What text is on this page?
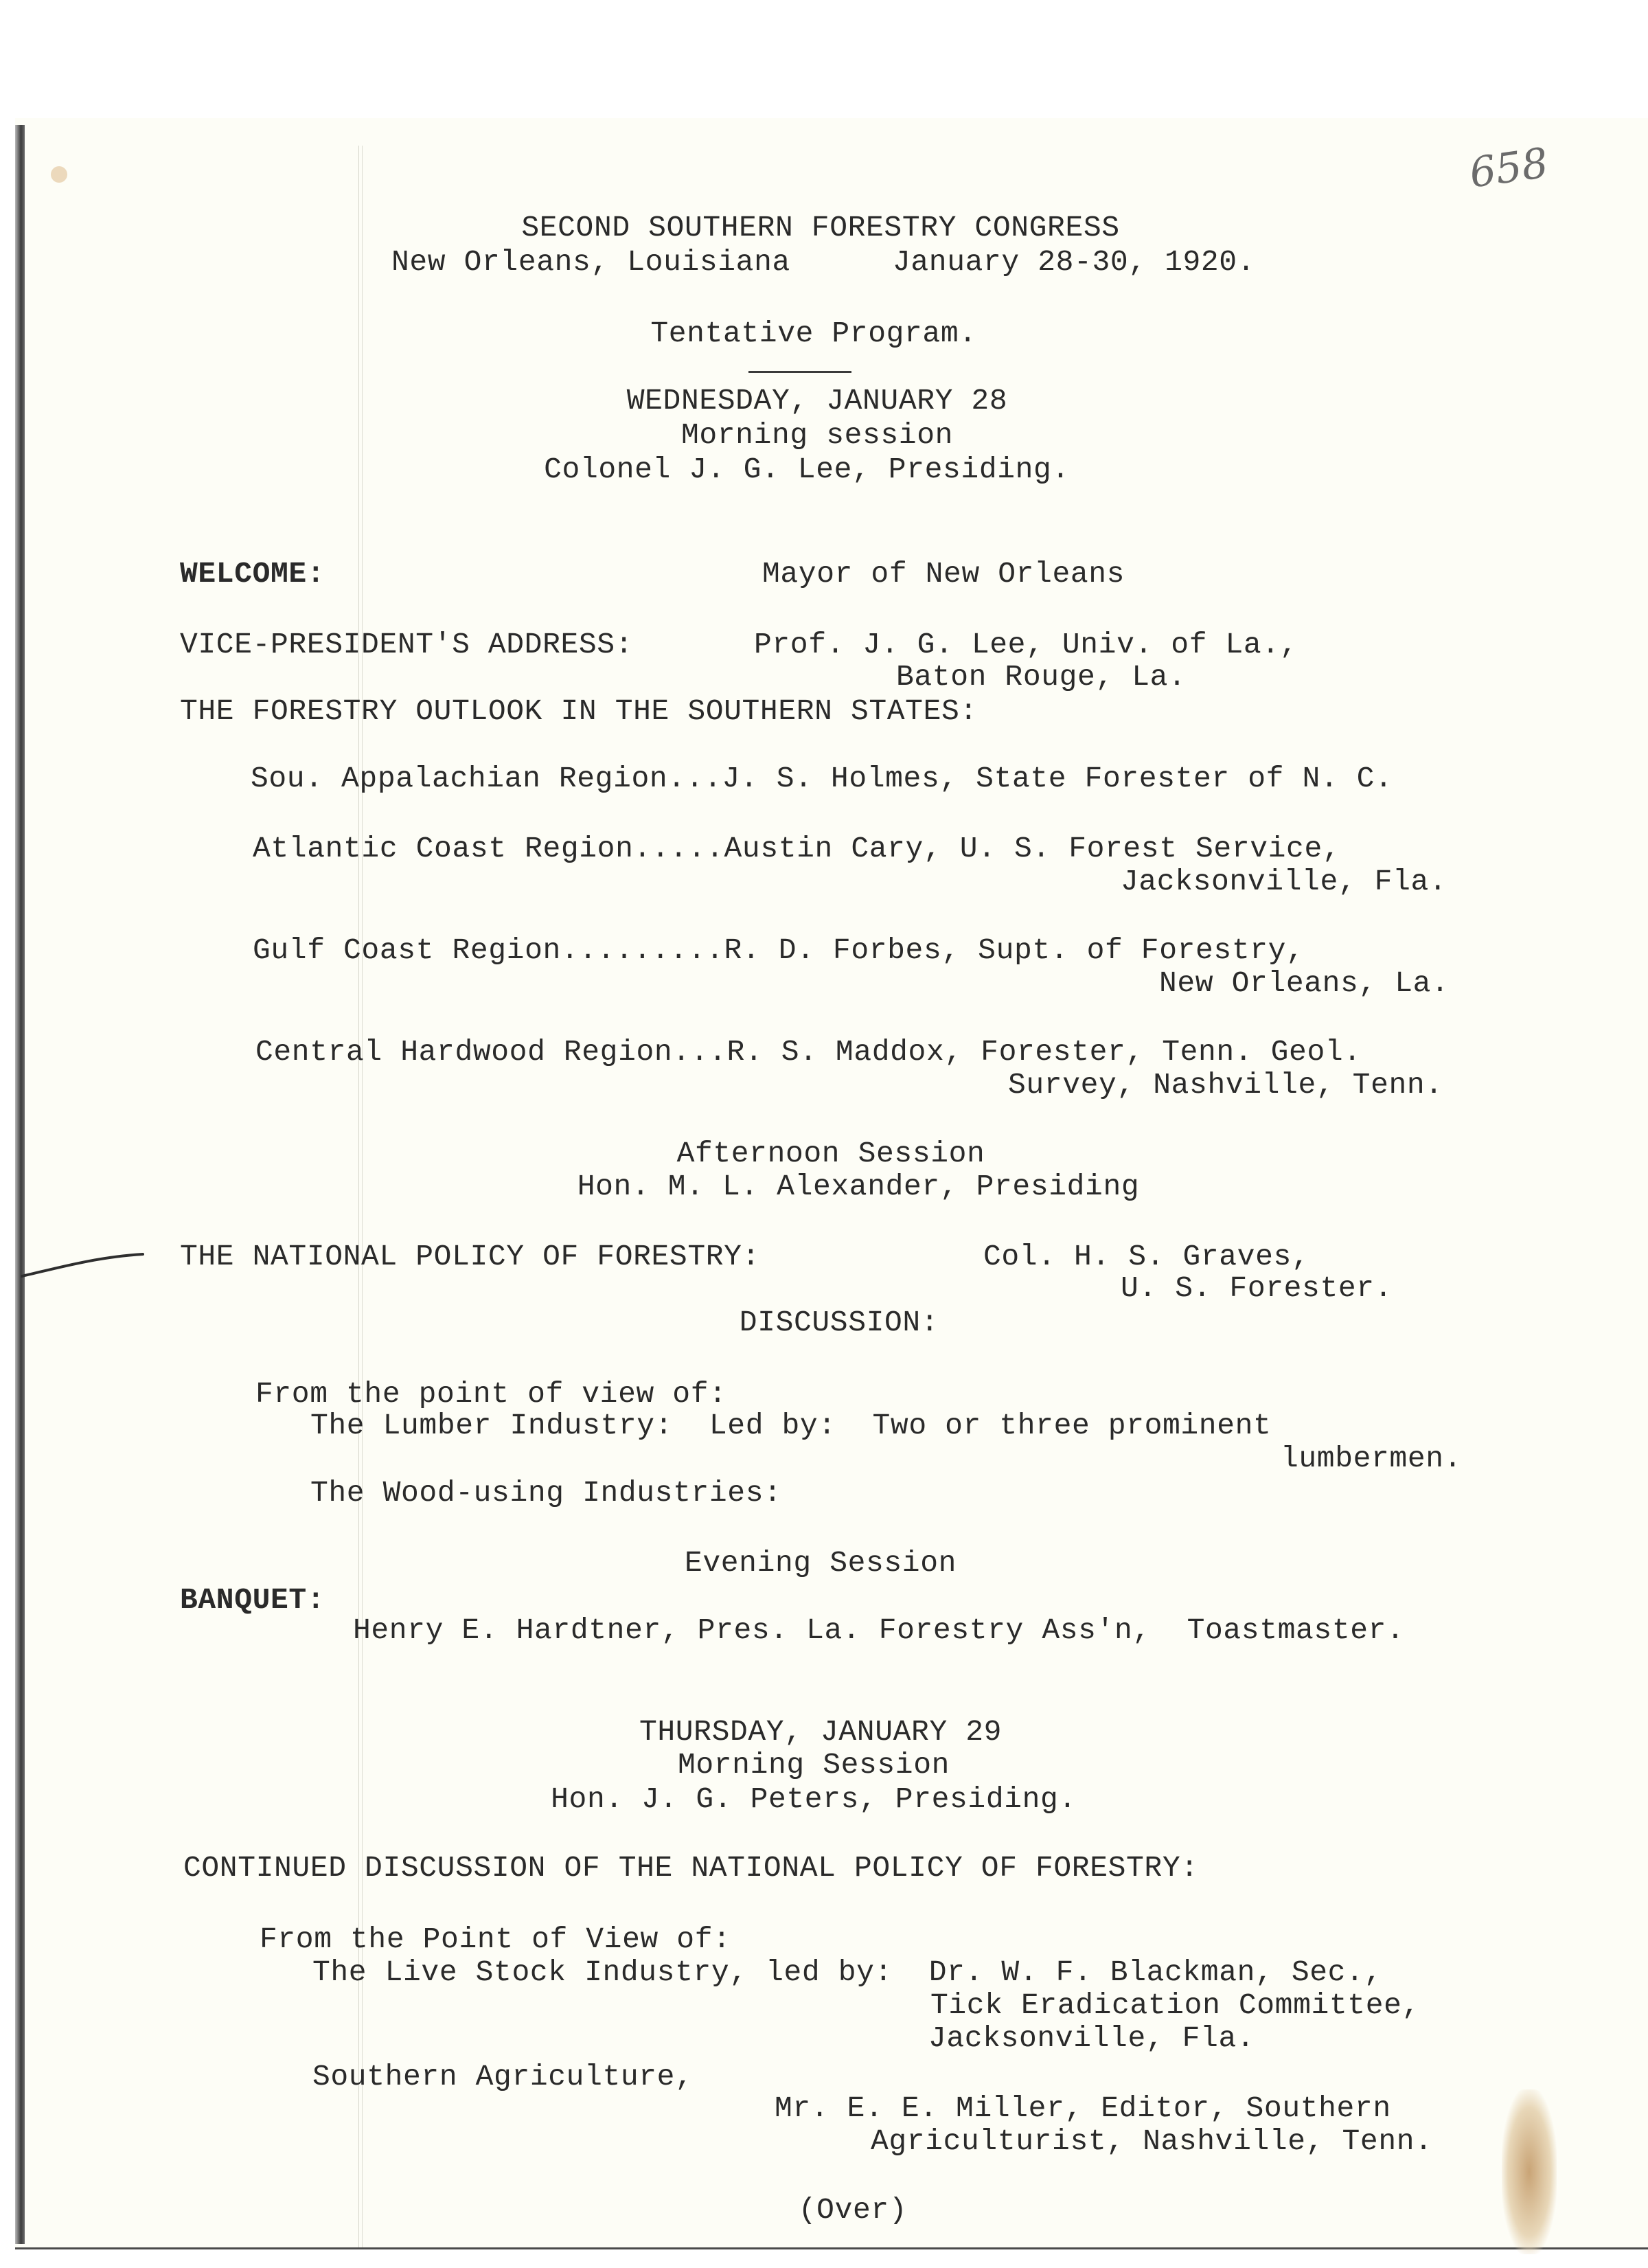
658
SECOND SOUTHERN FORESTRY CONGRESS
New Orleans, Louisiana	January 28-30, 1920.
Tentative Program.
WEDNESDAY, JANUARY 28
Morning session
Colonel J. G. Lee, Presiding.
WELCOME:	Mayor of New Orleans
VICE-PRESIDENT'S ADDRESS:	Prof. J. G. Lee, Univ. of La.,
Baton Rouge, La.
THE FORESTRY OUTLOOK IN THE SOUTHERN STATES:
Sou. Appalachian Region...J. S. Holmes, State Forester of N. C.
Atlantic Coast Region.....Austin Cary, U. S. Forest Service,
Jacksonville, Fla.
Gulf Coast Region.........R. D. Forbes, Supt. of Forestry,
New Orleans, La.
Central Hardwood Region...R. S. Maddox, Forester, Tenn. Geol.
Survey, Nashville, Tenn.
Afternoon Session
Hon. M. L. Alexander, Presiding
THE NATIONAL POLICY OF FORESTRY:	Col. H. S. Graves,
U. S. Forester.
DISCUSSION:
From the point of view of:
The Lumber Industry:  Led by:  Two or three prominent
lumbermen.
The Wood-using Industries:
Evening Session
BANQUET:
Henry E. Hardtner, Pres. La. Forestry Ass'n,  Toastmaster.
THURSDAY, JANUARY 29
Morning Session
Hon. J. G. Peters, Presiding.
CONTINUED DISCUSSION OF THE NATIONAL POLICY OF FORESTRY:
From the Point of View of:
The Live Stock Industry, led by:  Dr. W. F. Blackman, Sec.,
Tick Eradication Committee,
Jacksonville, Fla.
Southern Agriculture,
Mr. E. E. Miller, Editor, Southern
Agriculturist, Nashville, Tenn.
(Over)
